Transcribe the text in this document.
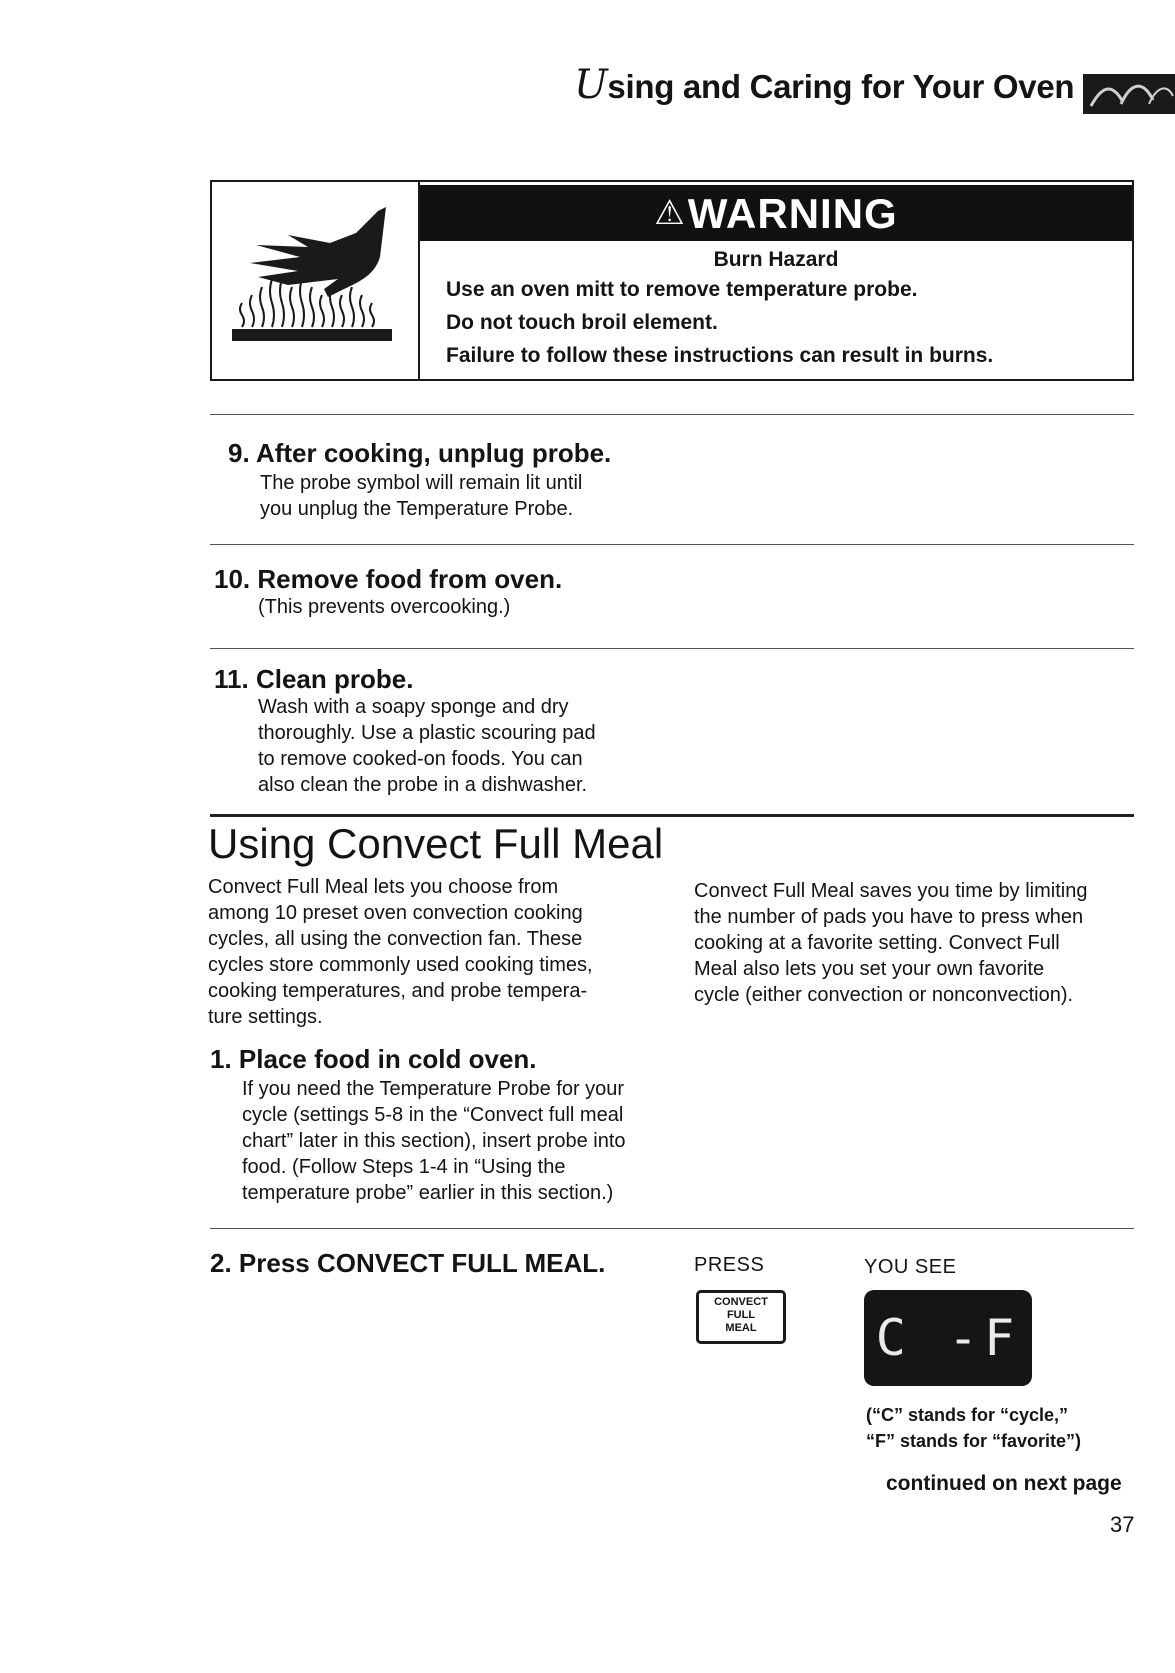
Using and Caring for Your Oven
⚠WARNING
Burn Hazard
Use an oven mitt to remove temperature probe.
Do not touch broil element.
Failure to follow these instructions can result in burns.
9. After cooking, unplug probe.
The probe symbol will remain lit until
you unplug the Temperature Probe.
10. Remove food from oven.
(This prevents overcooking.)
11. Clean probe.
Wash with a soapy sponge and dry
thoroughly. Use a plastic scouring pad
to remove cooked-on foods. You can
also clean the probe in a dishwasher.
Using Convect Full Meal
Convect Full Meal lets you choose from
among 10 preset oven convection cooking
cycles, all using the convection fan. These
cycles store commonly used cooking times,
cooking temperatures, and probe tempera-
ture settings.
Convect Full Meal saves you time by limiting
the number of pads you have to press when
cooking at a favorite setting. Convect Full
Meal also lets you set your own favorite
cycle (either convection or nonconvection).
1. Place food in cold oven.
If you need the Temperature Probe for your
cycle (settings 5-8 in the “Convect full meal
chart” later in this section), insert probe into
food. (Follow Steps 1-4 in “Using the
temperature probe” earlier in this section.)
2. Press CONVECT FULL MEAL.	PRESS	YOU SEE
CONVECT
FULL
MEAL	C -F
(“C” stands for “cycle,”
“F” stands for “favorite”)
continued on next page
37
